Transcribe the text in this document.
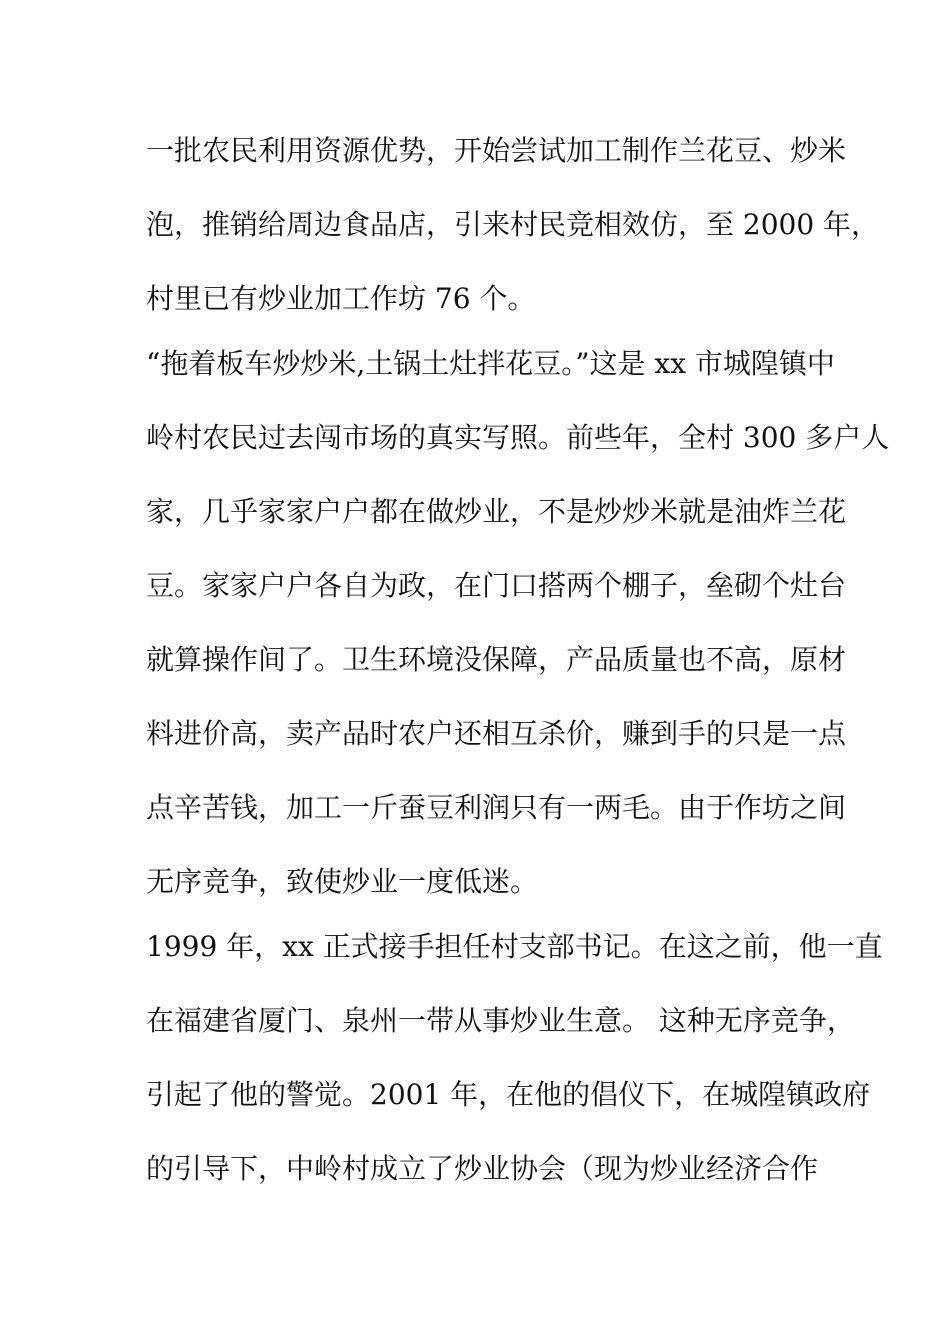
一批农民利用资源优势，开始尝试加工制作兰花豆、炒米
泡，推销给周边食品店，引来村民竞相效仿，至 2000 年，
村里已有炒业加工作坊 76 个。
“拖着板车炒炒米,土锅土灶拌花豆。”这是 xx 市城隍镇中
岭村农民过去闯市场的真实写照。前些年，全村 300 多户人
家，几乎家家户户都在做炒业，不是炒炒米就是油炸兰花
豆。家家户户各自为政，在门口搭两个棚子，垒砌个灶台
就算操作间了。卫生环境没保障，产品质量也不高，原材
料进价高，卖产品时农户还相互杀价，赚到手的只是一点
点辛苦钱，加工一斤蚕豆利润只有一两毛。由于作坊之间
无序竞争，致使炒业一度低迷。
1999 年，xx 正式接手担任村支部书记。在这之前，他一直
在福建省厦门、泉州一带从事炒业生意。 这种无序竞争，
引起了他的警觉。2001 年，在他的倡仪下，在城隍镇政府
的引导下，中岭村成立了炒业协会（现为炒业经济合作
